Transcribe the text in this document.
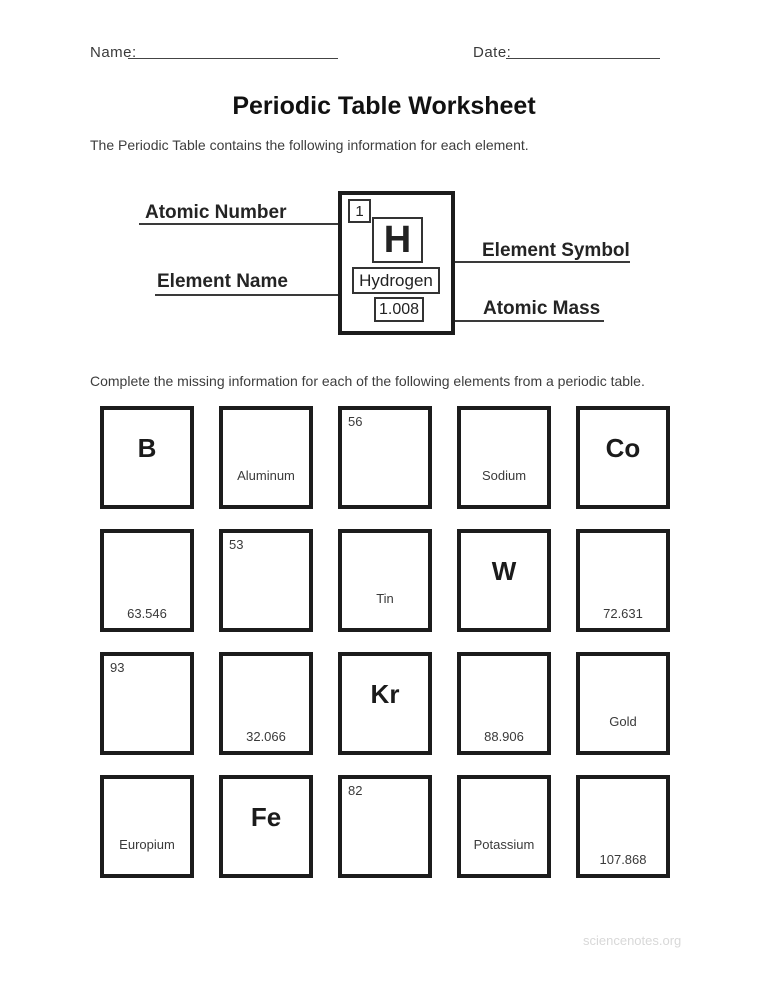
Name:	Date:
Periodic Table Worksheet
The Periodic Table contains the following information for each element.
Atomic Number
Element Name
Element Symbol
Atomic Mass
1
H
Hydrogen
1.008
Complete the missing information for each of the following elements from a periodic table.
B
Aluminum
56
Sodium
Co
63.546
53
Tin
W
72.631
93
32.066
Kr
88.906
Gold
Europium
Fe
82
Potassium
107.868
sciencenotes.org
